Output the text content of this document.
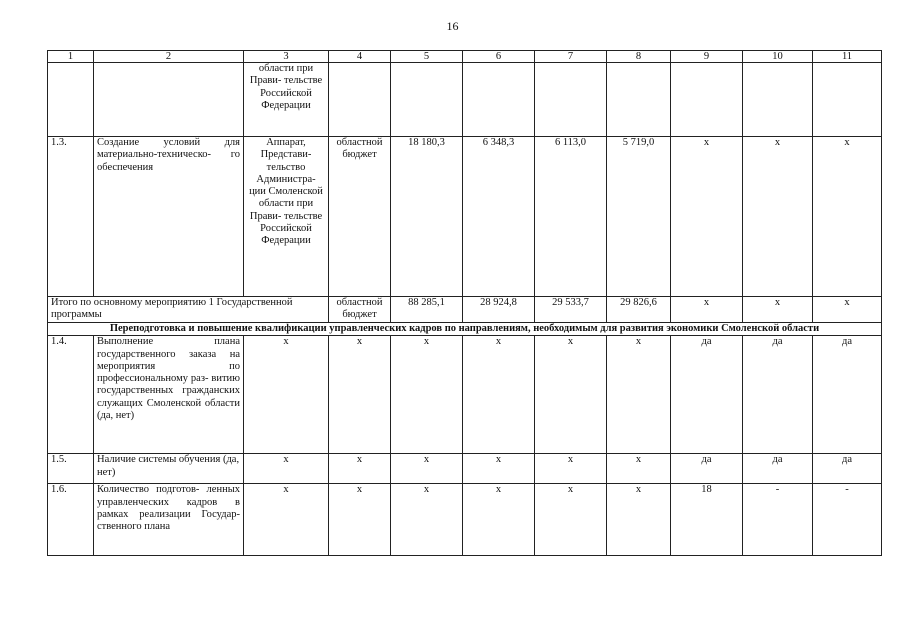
16
1	2	3	4	5	6	7	8	9	10	11
		области при Прави- тельстве Российской Федерации								
1.3.	Создание условий для материально-техническо- го обеспечения	Аппарат, Представи- тельство Администра- ции Смоленской области при Прави- тельстве Российской Федерации	областной бюджет	18 180,3	6 348,3	6 113,0	5 719,0	x	x	x
Итого по основному мероприятию 1 Государственной программы			областной бюджет	88 285,1	28 924,8	29 533,7	29 826,6	x	x	x
Переподготовка и повышение квалификации управленческих кадров по направлениям, необходимым для развития экономики Смоленской области										
1.4.	Выполнение плана государственного заказа на мероприятия по профессиональному раз- витию государственных гражданских служащих Смоленской области (да, нет)	x	x	x	x	x	x	да	да	да
1.5.	Наличие системы обучения (да, нет)	x	x	x	x	x	x	да	да	да
1.6.	Количество подготов- ленных управленческих кадров в рамках реализации Государ- ственного плана	x	x	x	x	x	x	18	-	-
